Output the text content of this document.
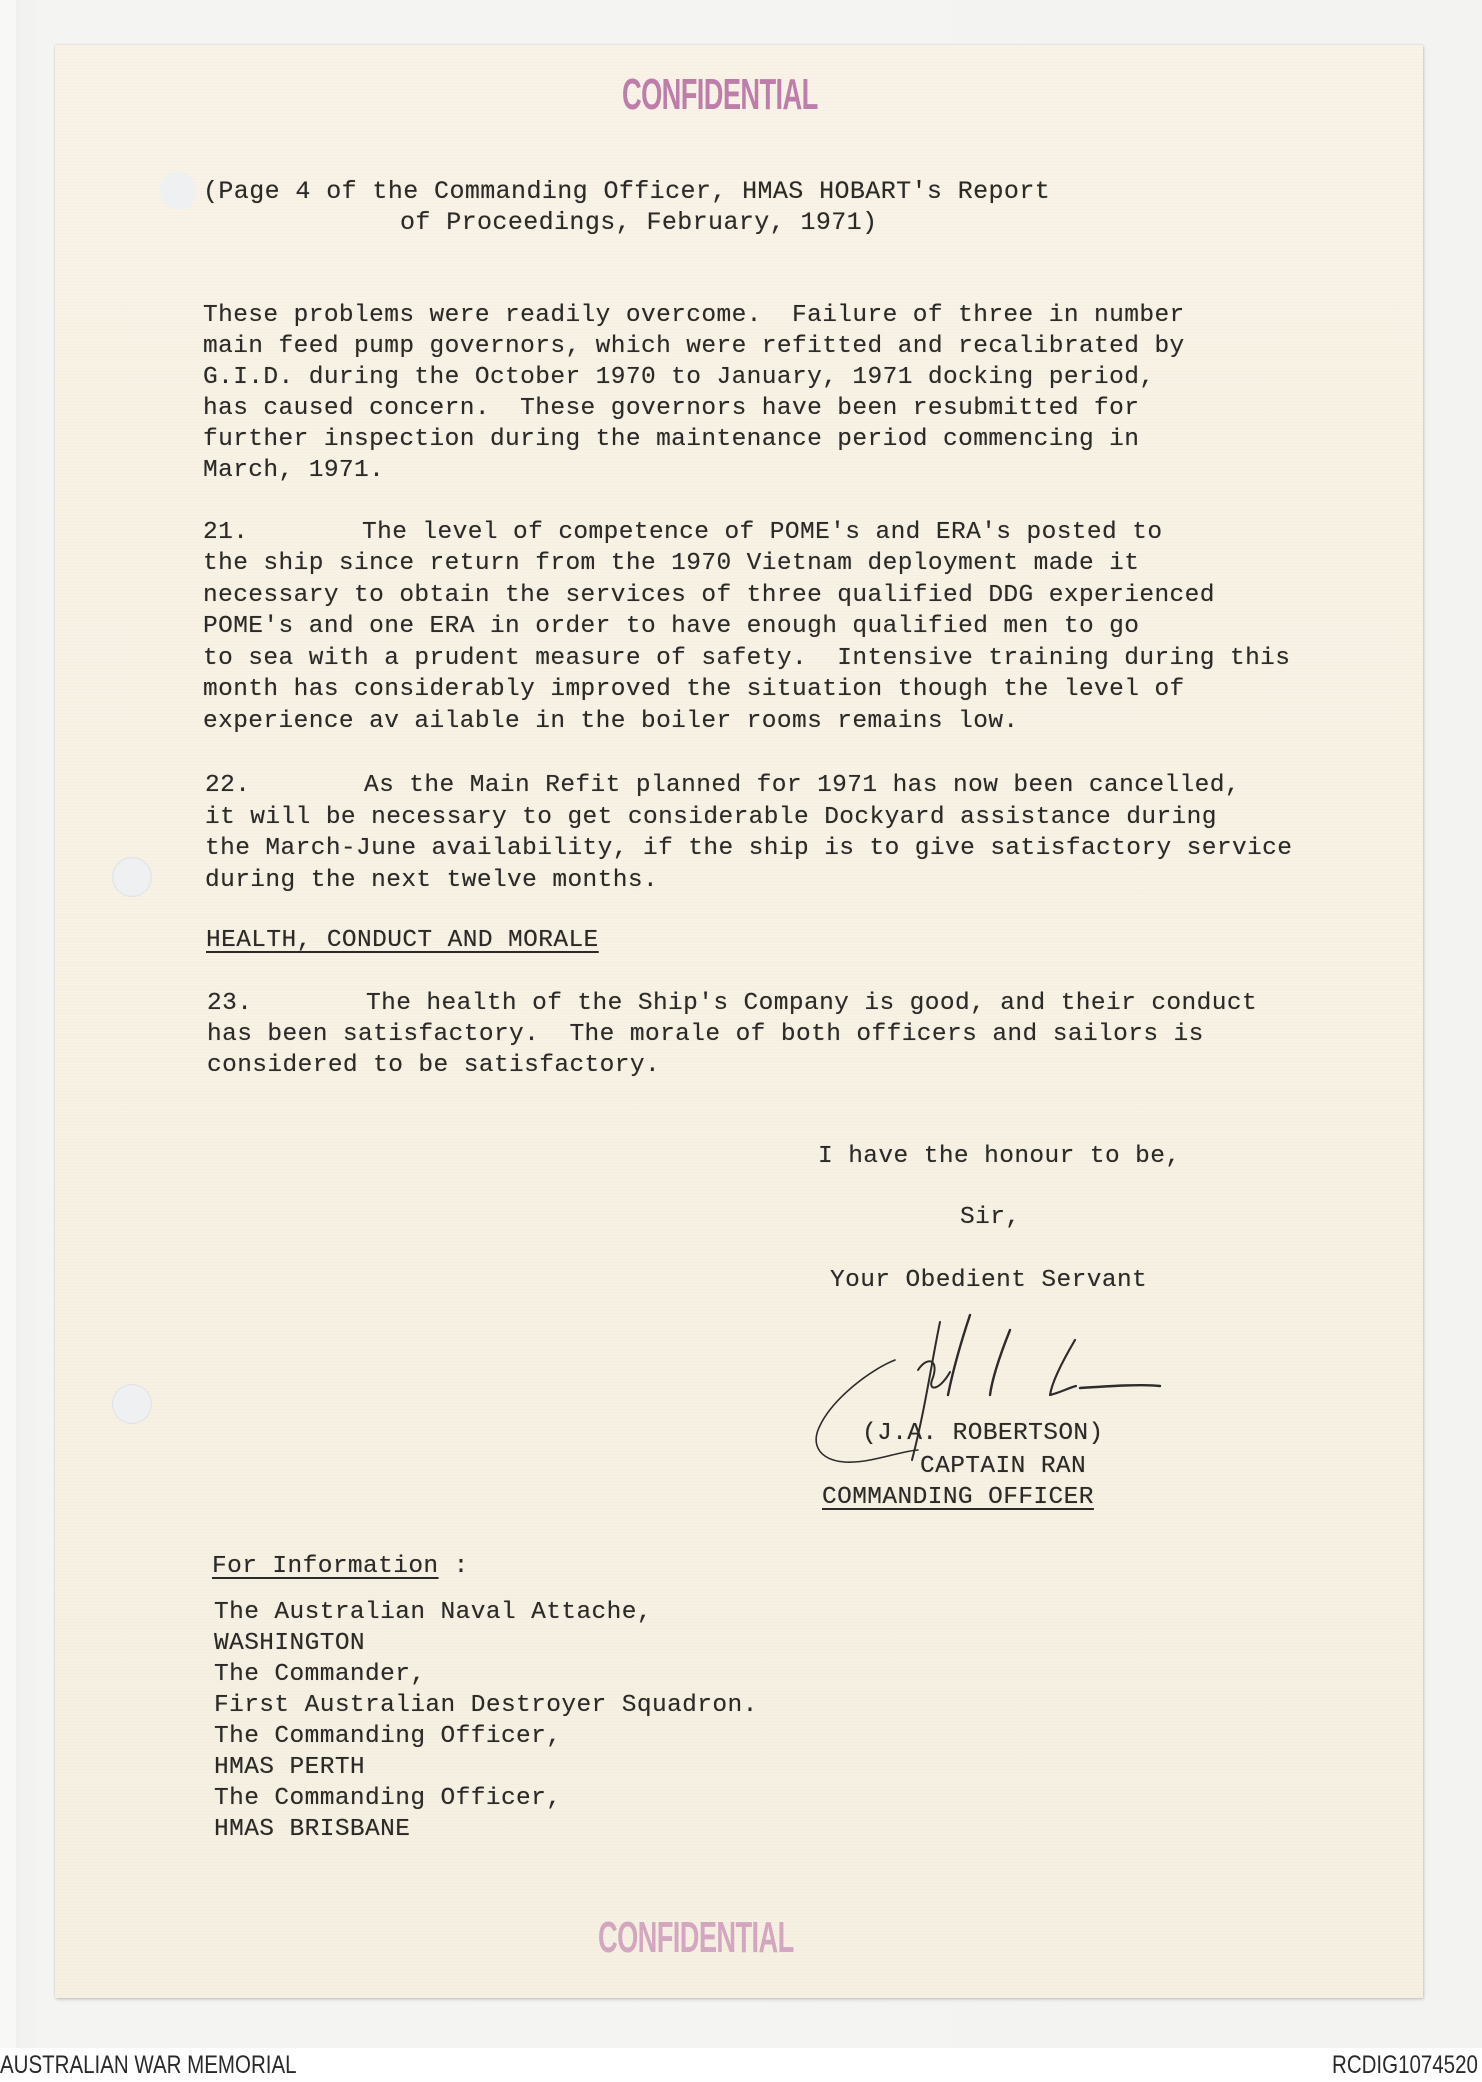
CONFIDENTIAL
(Page 4 of the Commanding Officer, HMAS HOBART's Report
of Proceedings, February, 1971)
These problems were readily overcome.  Failure of three in number
main feed pump governors, which were refitted and recalibrated by
G.I.D. during the October 1970 to January, 1971 docking period,
has caused concern.  These governors have been resubmitted for
further inspection during the maintenance period commencing in
March, 1971.
21.	The level of competence of POME's and ERA's posted to
the ship since return from the 1970 Vietnam deployment made it
necessary to obtain the services of three qualified DDG experienced
POME's and one ERA in order to have enough qualified men to go
to sea with a prudent measure of safety.  Intensive training during this
month has considerably improved the situation though the level of
experience av ailable in the boiler rooms remains low.
22.	As the Main Refit planned for 1971 has now been cancelled,
it will be necessary to get considerable Dockyard assistance during
the March-June availability, if the ship is to give satisfactory service
during the next twelve months.
HEALTH, CONDUCT AND MORALE
23.	The health of the Ship's Company is good, and their conduct
has been satisfactory.  The morale of both officers and sailors is
considered to be satisfactory.
I have the honour to be,
Sir,
Your Obedient Servant
(J.A. ROBERTSON)
CAPTAIN RAN
COMMANDING OFFICER
For Information :
The Australian Naval Attache,
WASHINGTON
The Commander,
First Australian Destroyer Squadron.
The Commanding Officer,
HMAS PERTH
The Commanding Officer,
HMAS BRISBANE
CONFIDENTIAL
AUSTRALIAN WAR MEMORIAL	RCDIG1074520
